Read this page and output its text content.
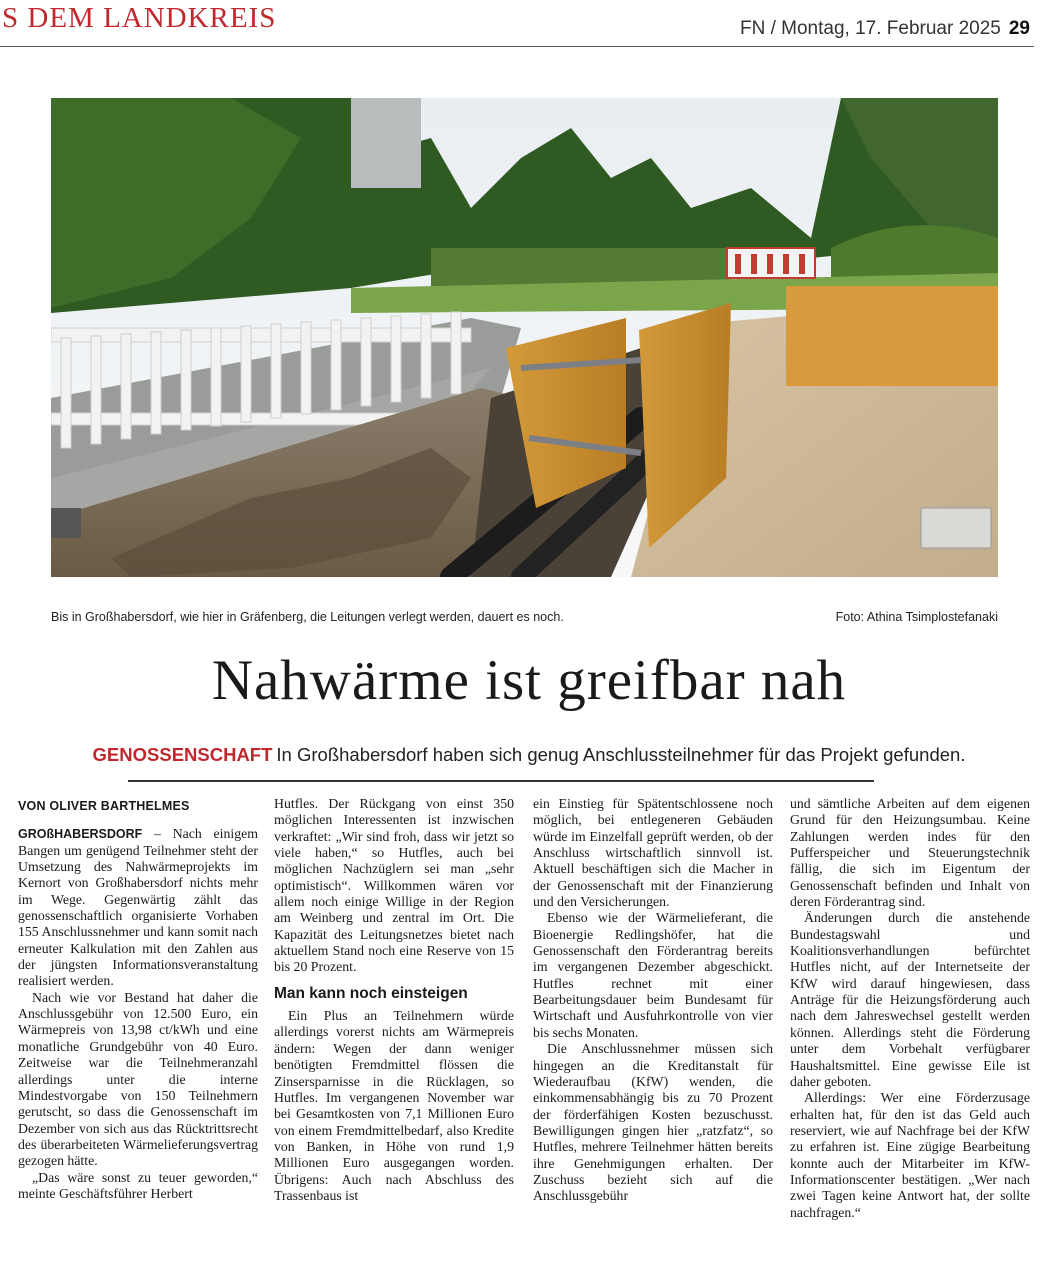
S DEM LANDKREIS	FN / Montag, 17. Februar 2025 29
Bis in Großhabersdorf, wie hier in Gräfenberg, die Leitungen verlegt werden, dauert es noch.	Foto: Athina Tsimplostefanaki
Nahwärme ist greifbar nah
GENOSSENSCHAFT In Großhabersdorf haben sich genug Anschlussteilnehmer für das Projekt gefunden.
VON OLIVER BARTHELMES

GROßHABERSDORF – Nach einigem Bangen um genügend Teilnehmer steht der Umsetzung des Nahwärmeprojekts im Kernort von Großhabersdorf nichts mehr im Wege. Gegenwärtig zählt das genossenschaftlich organisierte Vorhaben 155 Anschlussnehmer und kann somit nach erneuter Kalkulation mit den Zahlen aus der jüngsten Informationsveranstaltung realisiert werden.

Nach wie vor Bestand hat daher die Anschlussgebühr von 12.500 Euro, ein Wärmepreis von 13,98 ct/kWh und eine monatliche Grundgebühr von 40 Euro. Zeitweise war die Teilnehmeranzahl allerdings unter die interne Mindestvorgabe von 150 Teilnehmern gerutscht, so dass die Genossenschaft im Dezember von sich aus das Rücktrittsrecht des überarbeiteten Wärmelieferungsvertrag gezogen hätte.

„Das wäre sonst zu teuer geworden,“ meinte Geschäftsführer Herbert

Hutfles. Der Rückgang von einst 350 möglichen Interessenten ist inzwischen verkraftet: „Wir sind froh, dass wir jetzt so viele haben,“ so Hutfles, auch bei möglichen Nachzüglern sei man „sehr optimistisch“. Willkommen wären vor allem noch einige Willige in der Region am Weinberg und zentral im Ort. Die Kapazität des Leitungsnetzes bietet nach aktuellem Stand noch eine Reserve von 15 bis 20 Prozent.

Man kann noch einsteigen

Ein Plus an Teilnehmern würde allerdings vorerst nichts am Wärmepreis ändern: Wegen der dann weniger benötigten Fremdmittel flössen die Zinsersparnisse in die Rücklagen, so Hutfles. Im vergangenen November war bei Gesamtkosten von 7,1 Millionen Euro von einem Fremdmittelbedarf, also Kredite von Banken, in Höhe von rund 1,9 Millionen Euro ausgegangen worden. Übrigens: Auch nach Abschluss des Trassenbaus ist

ein Einstieg für Spätentschlossene noch möglich, bei entlegeneren Gebäuden würde im Einzelfall geprüft werden, ob der Anschluss wirtschaftlich sinnvoll ist. Aktuell beschäftigen sich die Macher in der Genossenschaft mit der Finanzierung und den Versicherungen.

Ebenso wie der Wärmelieferant, die Bioenergie Redlingshöfer, hat die Genossenschaft den Förderantrag bereits im vergangenen Dezember abgeschickt. Hutfles rechnet mit einer Bearbeitungsdauer beim Bundesamt für Wirtschaft und Ausfuhrkontrolle von vier bis sechs Monaten.

Die Anschlussnehmer müssen sich hingegen an die Kreditanstalt für Wiederaufbau (KfW) wenden, die einkommensabhängig bis zu 70 Prozent der förderfähigen Kosten bezuschusst. Bewilligungen gingen hier „ratzfatz“, so Hutfles, mehrere Teilnehmer hätten bereits ihre Genehmigungen erhalten. Der Zuschuss bezieht sich auf die Anschlussgebühr

und sämtliche Arbeiten auf dem eigenen Grund für den Heizungsumbau. Keine Zahlungen werden indes für den Pufferspeicher und Steuerungstechnik fällig, die sich im Eigentum der Genossenschaft befinden und Inhalt von deren Förderantrag sind.

Änderungen durch die anstehende Bundestagswahl und Koalitionsverhandlungen befürchtet Hutfles nicht, auf der Internetseite der KfW wird darauf hingewiesen, dass Anträge für die Heizungsförderung auch nach dem Jahreswechsel gestellt werden können. Allerdings steht die Förderung unter dem Vorbehalt verfügbarer Haushaltsmittel. Eine gewisse Eile ist daher geboten.

Allerdings: Wer eine Förderzusage erhalten hat, für den ist das Geld auch reserviert, wie auf Nachfrage bei der KfW zu erfahren ist. Eine zügige Bearbeitung konnte auch der Mitarbeiter im KfW-Informationscenter bestätigen. „Wer nach zwei Tagen keine Antwort hat, der sollte nachfragen.“
